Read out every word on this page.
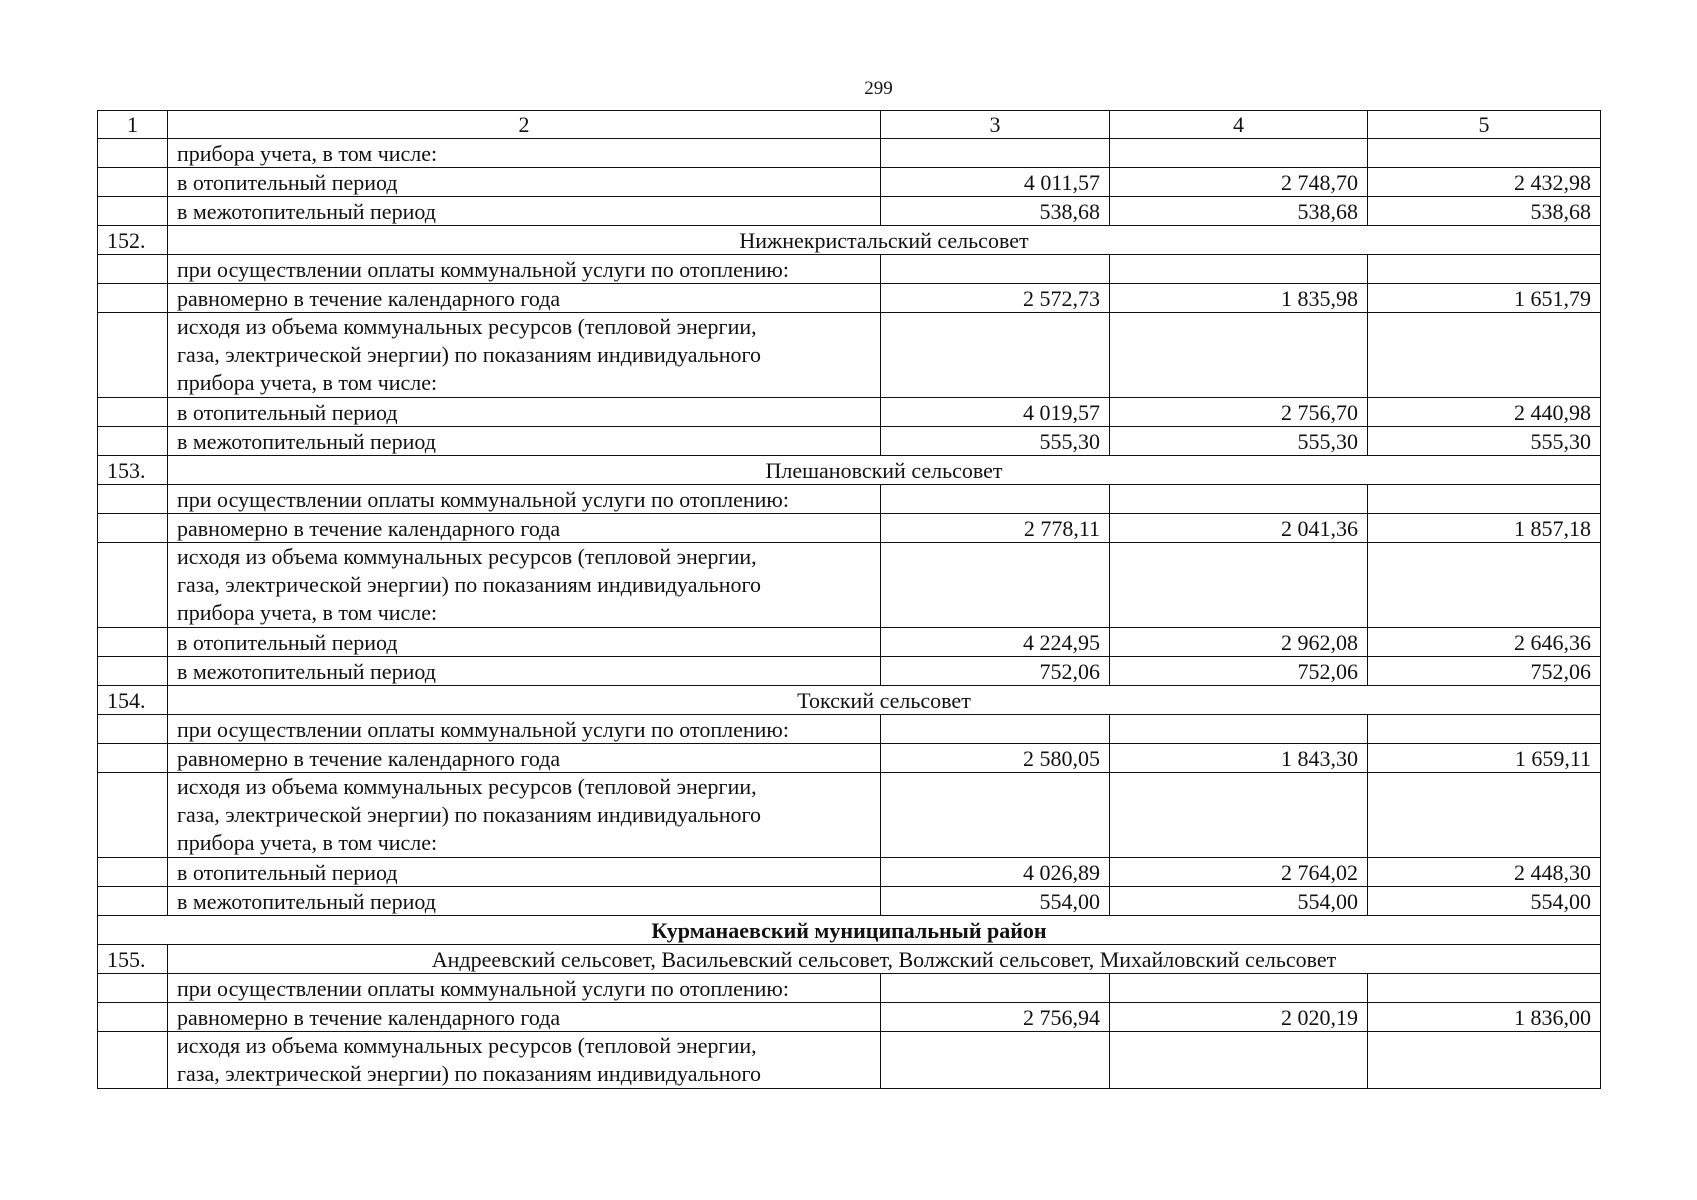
299
1	2	3	4	5
	прибора учета, в том числе:			
	в отопительный период	4 011,57	2 748,70	2 432,98
	в межотопительный период	538,68	538,68	538,68
152.	Нижнекристальский сельсовет			
	при осуществлении оплаты коммунальной услуги по отоплению:			
	равномерно в течение календарного года	2 572,73	1 835,98	1 651,79

	исходя из объема коммунальных ресурсов (тепловой энергии,
газа, электрической энергии) по показаниям индивидуального
прибора учета, в том числе:			

	в отопительный период	4 019,57	2 756,70	2 440,98
	в межотопительный период	555,30	555,30	555,30
153.	Плешановский сельсовет			
	при осуществлении оплаты коммунальной услуги по отоплению:			
	равномерно в течение календарного года	2 778,11	2 041,36	1 857,18

	исходя из объема коммунальных ресурсов (тепловой энергии,
газа, электрической энергии) по показаниям индивидуального
прибора учета, в том числе:			

	в отопительный период	4 224,95	2 962,08	2 646,36
	в межотопительный период	752,06	752,06	752,06
154.	Токский сельсовет			
	при осуществлении оплаты коммунальной услуги по отоплению:			
	равномерно в течение календарного года	2 580,05	1 843,30	1 659,11

	исходя из объема коммунальных ресурсов (тепловой энергии,
газа, электрической энергии) по показаниям индивидуального
прибора учета, в том числе:			

	в отопительный период	4 026,89	2 764,02	2 448,30
	в межотопительный период	554,00	554,00	554,00
Курманаевский муниципальный район				
155.	Андреевский сельсовет, Васильевский сельсовет, Волжский сельсовет, Михайловский сельсовет			
	при осуществлении оплаты коммунальной услуги по отоплению:			
	равномерно в течение календарного года	2 756,94	2 020,19	1 836,00

	исходя из объема коммунальных ресурсов (тепловой энергии,
газа, электрической энергии) по показаниям индивидуального			
